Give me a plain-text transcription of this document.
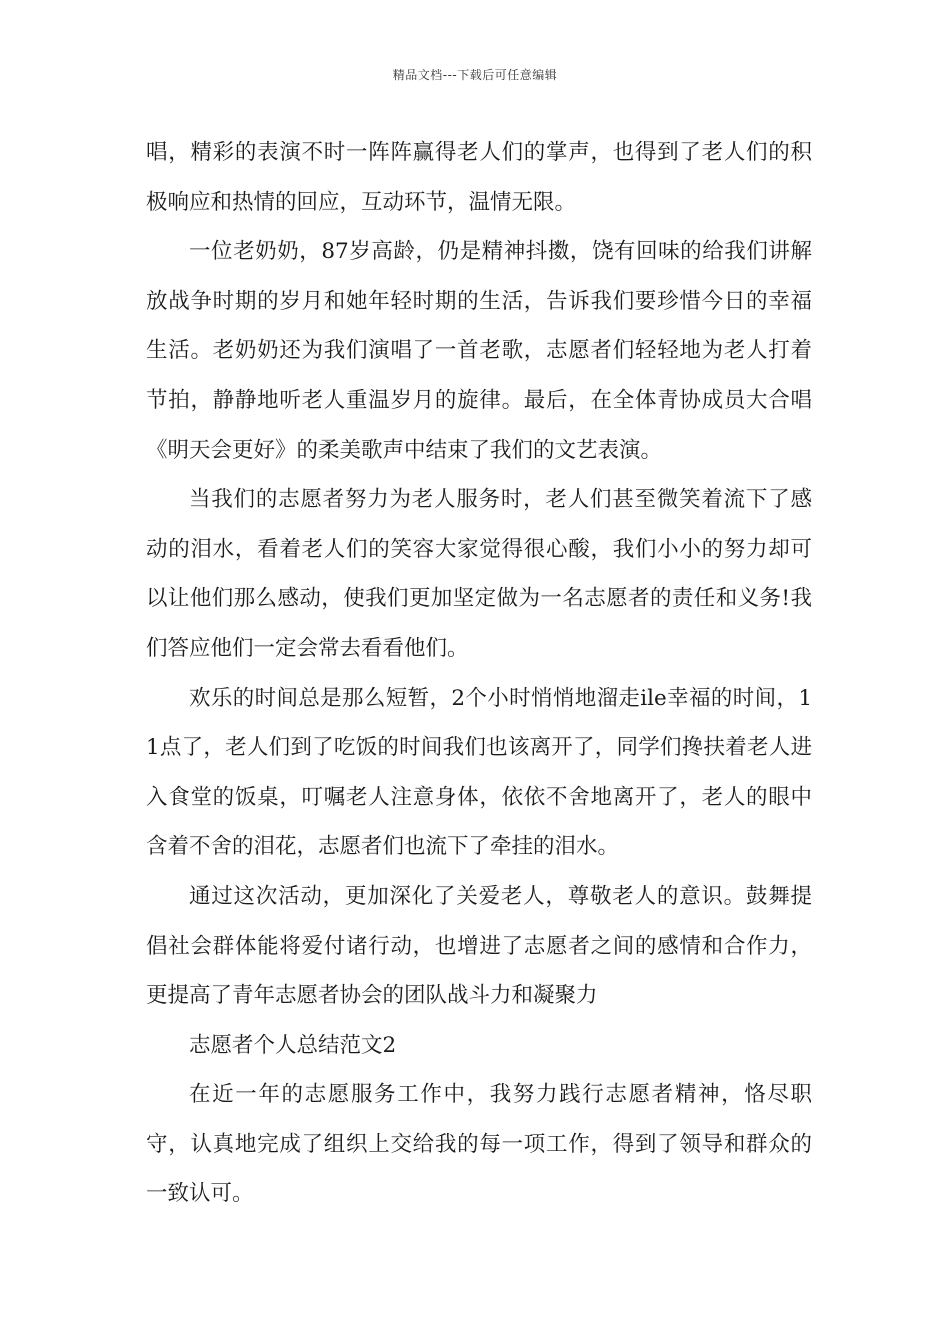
精品文档---下载后可任意编辑

唱，精彩的表演不时一阵阵赢得老人们的掌声，也得到了老人们的积极响应和热情的回应，互动环节，温情无限。

一位老奶奶，87岁高龄，仍是精神抖擞，饶有回味的给我们讲解放战争时期的岁月和她年轻时期的生活，告诉我们要珍惜今日的幸福生活。老奶奶还为我们演唱了一首老歌，志愿者们轻轻地为老人打着节拍，静静地听老人重温岁月的旋律。最后，在全体青协成员大合唱《明天会更好》的柔美歌声中结束了我们的文艺表演。

当我们的志愿者努力为老人服务时，老人们甚至微笑着流下了感动的泪水，看着老人们的笑容大家觉得很心酸，我们小小的努力却可以让他们那么感动，使我们更加坚定做为一名志愿者的责任和义务!我们答应他们一定会常去看看他们。

欢乐的时间总是那么短暂，2个小时悄悄地溜走ile幸福的时间，11点了，老人们到了吃饭的时间我们也该离开了，同学们搀扶着老人进入食堂的饭桌，叮嘱老人注意身体，依依不舍地离开了，老人的眼中含着不舍的泪花，志愿者们也流下了牵挂的泪水。

通过这次活动，更加深化了关爱老人，尊敬老人的意识。鼓舞提倡社会群体能将爱付诸行动，也增进了志愿者之间的感情和合作力，更提高了青年志愿者协会的团队战斗力和凝聚力

志愿者个人总结范文2

在近一年的志愿服务工作中，我努力践行志愿者精神，恪尽职守，认真地完成了组织上交给我的每一项工作，得到了领导和群众的一致认可。
